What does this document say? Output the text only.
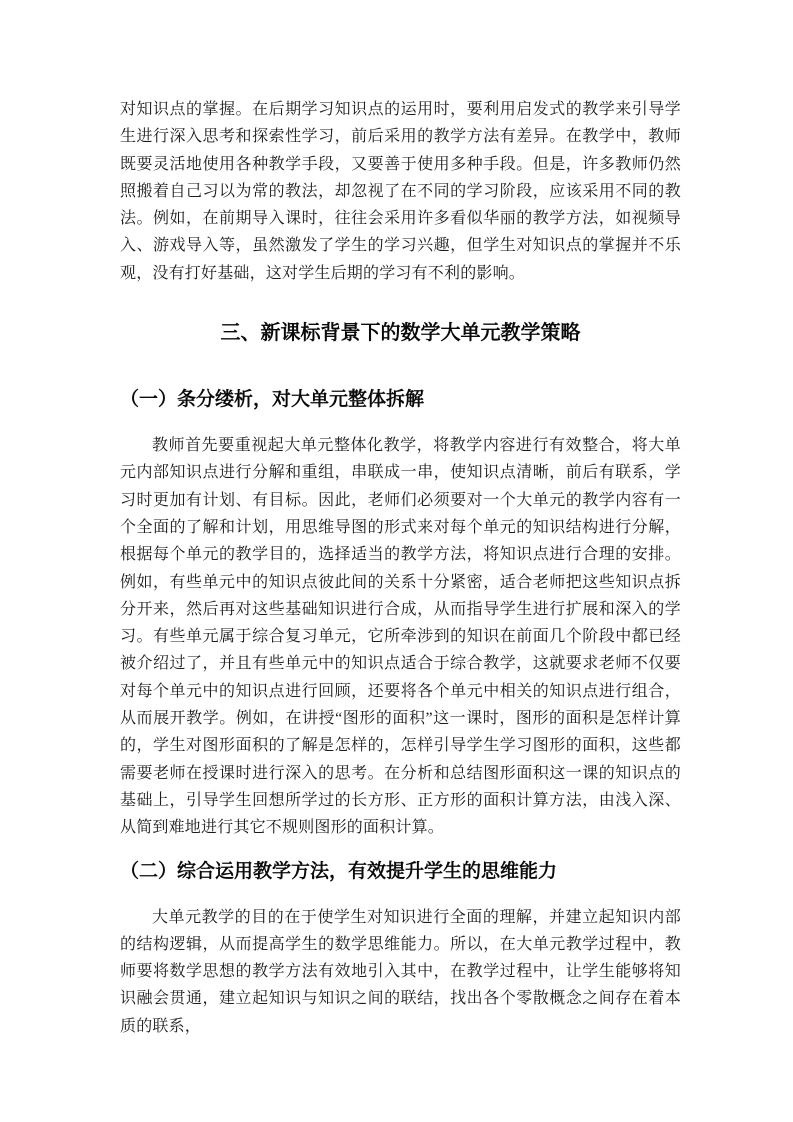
对知识点的掌握。在后期学习知识点的运用时，要利用启发式的教学来引导学生进行深入思考和探索性学习，前后采用的教学方法有差异。在教学中，教师既要灵活地使用各种教学手段，又要善于使用多种手段。但是，许多教师仍然照搬着自己习以为常的教法，却忽视了在不同的学习阶段，应该采用不同的教法。例如，在前期导入课时，往往会采用许多看似华丽的教学方法，如视频导入、游戏导入等，虽然激发了学生的学习兴趣，但学生对知识点的掌握并不乐观，没有打好基础，这对学生后期的学习有不利的影响。

三、新课标背景下的数学大单元教学策略
（一）条分缕析，对大单元整体拆解

教师首先要重视起大单元整体化教学，将教学内容进行有效整合，将大单元内部知识点进行分解和重组，串联成一串，使知识点清晰，前后有联系，学习时更加有计划、有目标。因此，老师们必须要对一个大单元的教学内容有一个全面的了解和计划，用思维导图的形式来对每个单元的知识结构进行分解，根据每个单元的教学目的，选择适当的教学方法，将知识点进行合理的安排。例如，有些单元中的知识点彼此间的关系十分紧密，适合老师把这些知识点拆分开来，然后再对这些基础知识进行合成，从而指导学生进行扩展和深入的学习。有些单元属于综合复习单元，它所牵涉到的知识在前面几个阶段中都已经被介绍过了，并且有些单元中的知识点适合于综合教学，这就要求老师不仅要对每个单元中的知识点进行回顾，还要将各个单元中相关的知识点进行组合，从而展开教学。例如，在讲授“图形的面积”这一课时，图形的面积是怎样计算的，学生对图形面积的了解是怎样的，怎样引导学生学习图形的面积，这些都需要老师在授课时进行深入的思考。在分析和总结图形面积这一课的知识点的基础上，引导学生回想所学过的长方形、正方形的面积计算方法，由浅入深、从简到难地进行其它不规则图形的面积计算。

（二）综合运用教学方法，有效提升学生的思维能力

大单元教学的目的在于使学生对知识进行全面的理解，并建立起知识内部的结构逻辑，从而提高学生的数学思维能力。所以，在大单元教学过程中，教师要将数学思想的教学方法有效地引入其中，在教学过程中，让学生能够将知识融会贯通，建立起知识与知识之间的联结，找出各个零散概念之间存在着本质的联系，
